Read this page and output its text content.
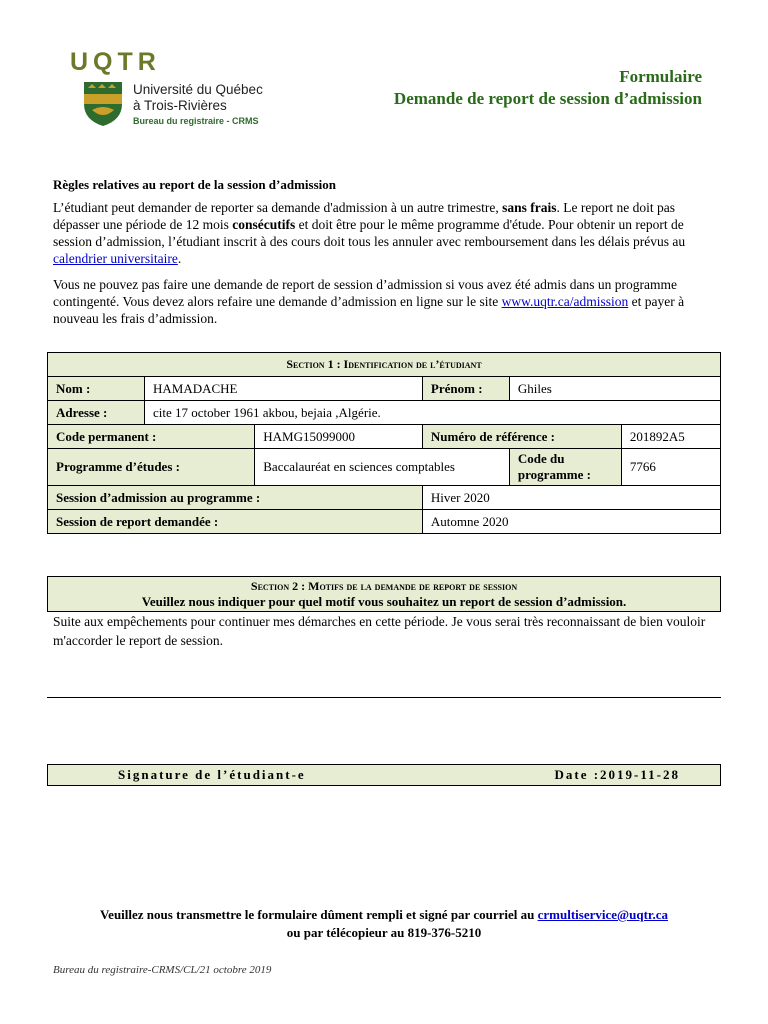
UQTR
Université du Québec
à Trois-Rivières
Bureau du registraire - CRMS
Formulaire
Demande de report de session d’admission
Règles relatives au report de la session d’admission

L’étudiant peut demander de reporter sa demande d'admission à un autre trimestre, sans frais. Le report ne doit pas dépasser une période de 12 mois consécutifs et doit être pour le même programme d'étude. Pour obtenir un report de session d’admission, l’étudiant inscrit à des cours doit tous les annuler avec remboursement dans les délais prévus au calendrier universitaire.

Vous ne pouvez pas faire une demande de report de session d’admission si vous avez été admis dans un programme contingenté. Vous devez alors refaire une demande d’admission en ligne sur le site www.uqtr.ca/admission et payer à nouveau les frais d’admission.

Section 1 : Identification de l’étudiant					
Nom :	HAMADACHE		Prénom :	Ghiles	
Adresse :	cite 17 october 1961 akbou, bejaia ,Algérie.				
Code permanent :		HAMG15099000	Numéro de référence :		201892A5
Programme d’études :		Baccalauréat en sciences comptables		Code du programme :	7766
Session d’admission au programme :			Hiver 2020		
Session de report demandée :			Automne 2020		
Section 2 : Motifs de la demande de report de session
Veuillez nous indiquer pour quel motif vous souhaitez un report de session d’admission.
Suite aux empêchements pour continuer mes démarches en cette période. Je vous serai très reconnaissant de bien vouloir m'accorder le report de session.
Signature de l’étudiant-e	Date :2019-11-28
Veuillez nous transmettre le formulaire dûment rempli et signé par courriel au crmultiservice@uqtr.ca
ou par télécopieur au 819-376-5210
Bureau du registraire-CRMS/CL/21 octobre 2019
